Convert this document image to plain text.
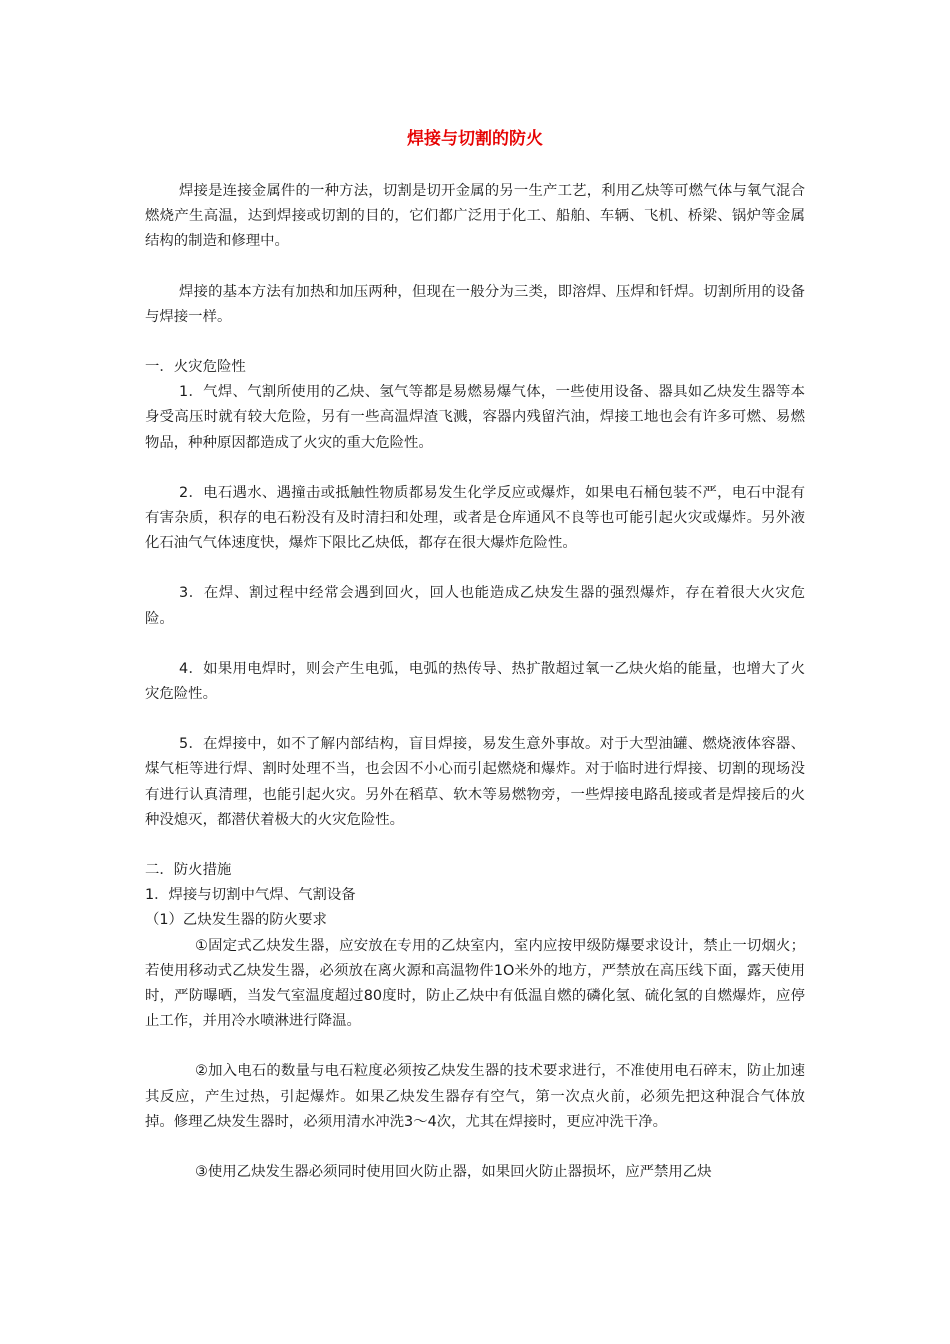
焊接与切割的防火

焊接是连接金属件的一种方法，切割是切开金属的另一生产工艺，利用乙炔等可燃气体与氧气混合燃烧产生高温，达到焊接或切割的目的，它们都广泛用于化工、船舶、车辆、飞机、桥梁、锅炉等金属结构的制造和修理中。

焊接的基本方法有加热和加压两种，但现在一般分为三类，即溶焊、压焊和钎焊。切割所用的设备与焊接一样。

一．火灾危险性

1．气焊、气割所使用的乙炔、氢气等都是易燃易爆气体，一些使用设备、器具如乙炔发生器等本身受高压时就有较大危险，另有一些高温焊渣飞溅，容器内残留汽油，焊接工地也会有许多可燃、易燃物品，种种原因都造成了火灾的重大危险性。

2．电石遇水、遇撞击或抵触性物质都易发生化学反应或爆炸，如果电石桶包装不严，电石中混有有害杂质，积存的电石粉没有及时清扫和处理，或者是仓库通风不良等也可能引起火灾或爆炸。另外液化石油气气体速度快，爆炸下限比乙炔低，都存在很大爆炸危险性。

3．在焊、割过程中经常会遇到回火，回人也能造成乙炔发生器的强烈爆炸，存在着很大火灾危险。

4．如果用电焊时，则会产生电弧，电弧的热传导、热扩散超过氧一乙炔火焰的能量，也增大了火灾危险性。

5．在焊接中，如不了解内部结构，盲目焊接，易发生意外事故。对于大型油罐、燃烧液体容器、煤气柜等进行焊、割时处理不当，也会因不小心而引起燃烧和爆炸。对于临时进行焊接、切割的现场没有进行认真清理，也能引起火灾。另外在稻草、软木等易燃物旁，一些焊接电路乱接或者是焊接后的火种没熄灭，都潜伏着极大的火灾危险性。

二．防火措施

1．焊接与切割中气焊、气割设备

（1）乙炔发生器的防火要求

①固定式乙炔发生器，应安放在专用的乙炔室内，室内应按甲级防爆要求设计，禁止一切烟火；若使用移动式乙炔发生器，必须放在离火源和高温物件1O米外的地方，严禁放在高压线下面，露天使用时，严防曝晒，当发气室温度超过80度时，防止乙炔中有低温自燃的磷化氢、硫化氢的自燃爆炸，应停止工作，并用冷水喷淋进行降温。

②加入电石的数量与电石粒度必须按乙炔发生器的技术要求进行，不准使用电石碎末，防止加速其反应，产生过热，引起爆炸。如果乙炔发生器存有空气，第一次点火前，必须先把这种混合气体放掉。修理乙炔发生器时，必须用清水冲洗3～4次，尤其在焊接时，更应冲洗干净。

③使用乙炔发生器必须同时使用回火防止器，如果回火防止器损坏，应严禁用乙炔
